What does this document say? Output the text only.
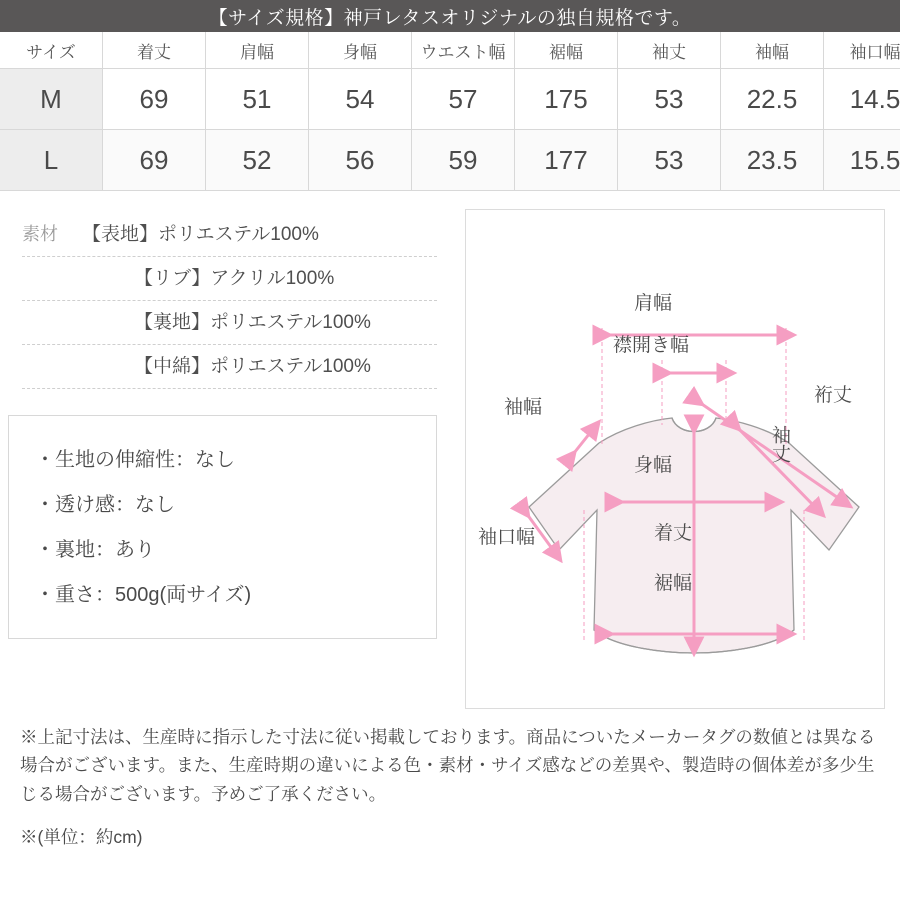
【サイズ規格】神戸レタスオリジナルの独自規格です。
サイズ	着丈	肩幅	身幅	ウエスト幅	裾幅	袖丈	袖幅	袖口幅
M	69	51	54	57	175	53	22.5	14.5
L	69	52	56	59	177	53	23.5	15.5
素材	【表地】ポリエステル100%
【リブ】アクリル100%
【裏地】ポリエステル100%
【中綿】ポリエステル100%
・生地の伸縮性：なし
・透け感：なし
・裏地：あり
・重さ：500g(両サイズ)
肩幅
襟開き幅
袖幅
身幅
裄丈
袖丈
袖口幅	着丈
裾幅

※上記寸法は、生産時に指示した寸法に従い掲載しております。商品についたメーカータグの数値とは異なる場合がございます。また、生産時期の違いによる色・素材・サイズ感などの差異や、製造時の個体差が多少生じる場合がございます。予めご了承ください。

※(単位：約cm)
